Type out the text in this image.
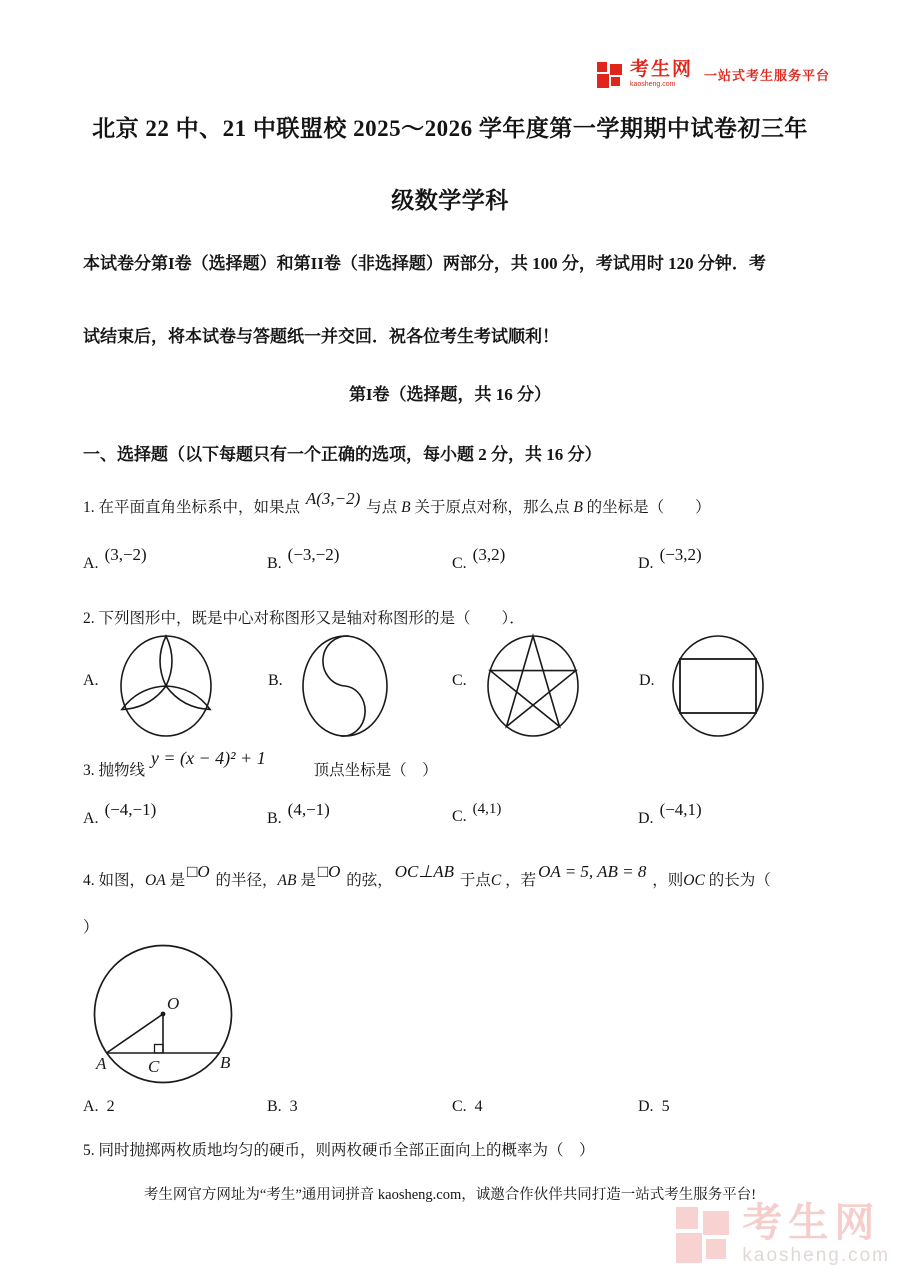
考生网
kaosheng.com
一站式考生服务平台
北京 22 中、21 中联盟校 2025～2026 学年度第一学期期中试卷初三年
级数学学科
本试卷分第I卷（选择题）和第II卷（非选择题）两部分，共 100 分，考试用时 120 分钟．考
试结束后，将本试卷与答题纸一并交回．祝各位考生考试顺利！
第I卷（选择题，共 16 分）
一、选择题（以下每题只有一个正确的选项，每小题 2 分，共 16 分）
1. 在平面直角坐标系中，如果点 A(3,−2) 与点 B 关于原点对称，那么点 B 的坐标是（　　）
A. (3,−2)	B. (−3,−2)	C. (3,2)	D. (−3,2)
2. 下列图形中，既是中心对称图形又是轴对称图形的是（　　）．
A.	B.	C.	D.
3. 抛物线 y = (x − 4)² + 1 顶点坐标是（　）
A. (−4,−1)	B. (4,−1)	C. (4,1)
D. (−4,1)
4. 如图，OA 是 □O 的半径，AB 是 □O 的弦， OC⊥AB 于点C ，若 OA = 5, AB = 8 ，则OC 的长为（
）
O
A	B
C
A. 2	B. 3	C. 4	D. 5
5. 同时抛掷两枚质地均匀的硬币，则两枚硬币全部正面向上的概率为（　）
考生网官方网址为“考生”通用词拼音 kaosheng.com，诚邀合作伙伴共同打造一站式考生服务平台!
考生网
kaosheng.com
